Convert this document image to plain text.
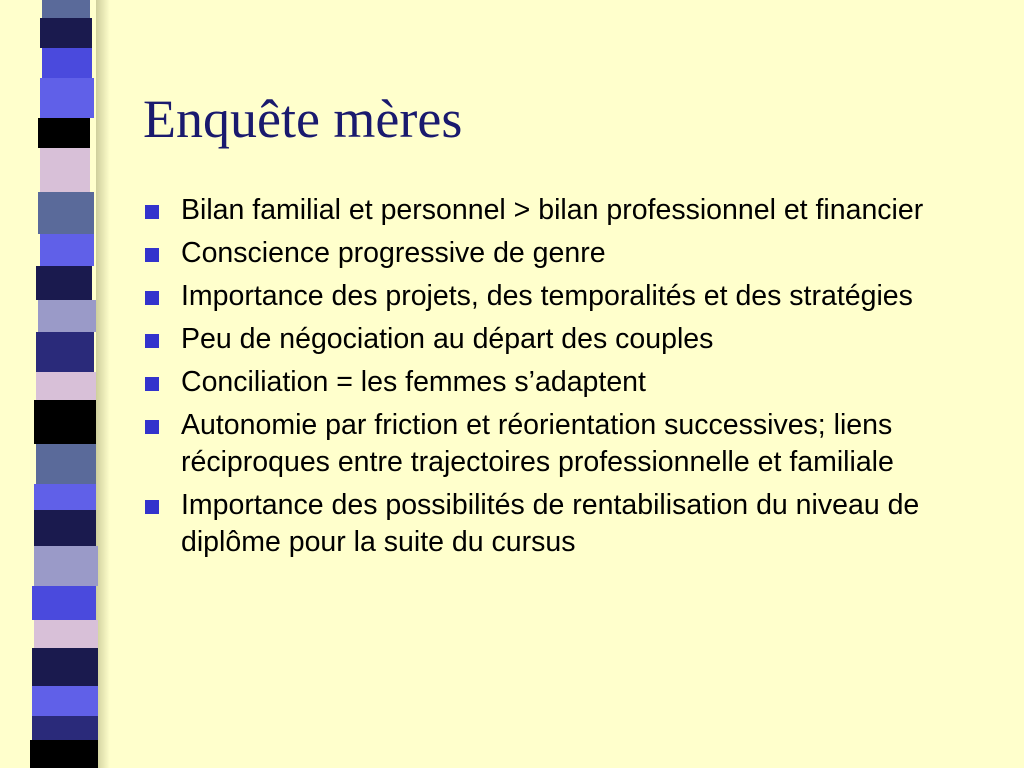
Enquête mères
Bilan familial et personnel > bilan professionnel et financier
Conscience progressive de genre
Importance des projets, des temporalités et des stratégies
Peu de négociation au départ des couples
Conciliation = les femmes s’adaptent
Autonomie par friction et réorientation successives; liens réciproques entre trajectoires professionnelle et familiale
Importance des possibilités de rentabilisation du niveau de diplôme pour la suite du cursus
